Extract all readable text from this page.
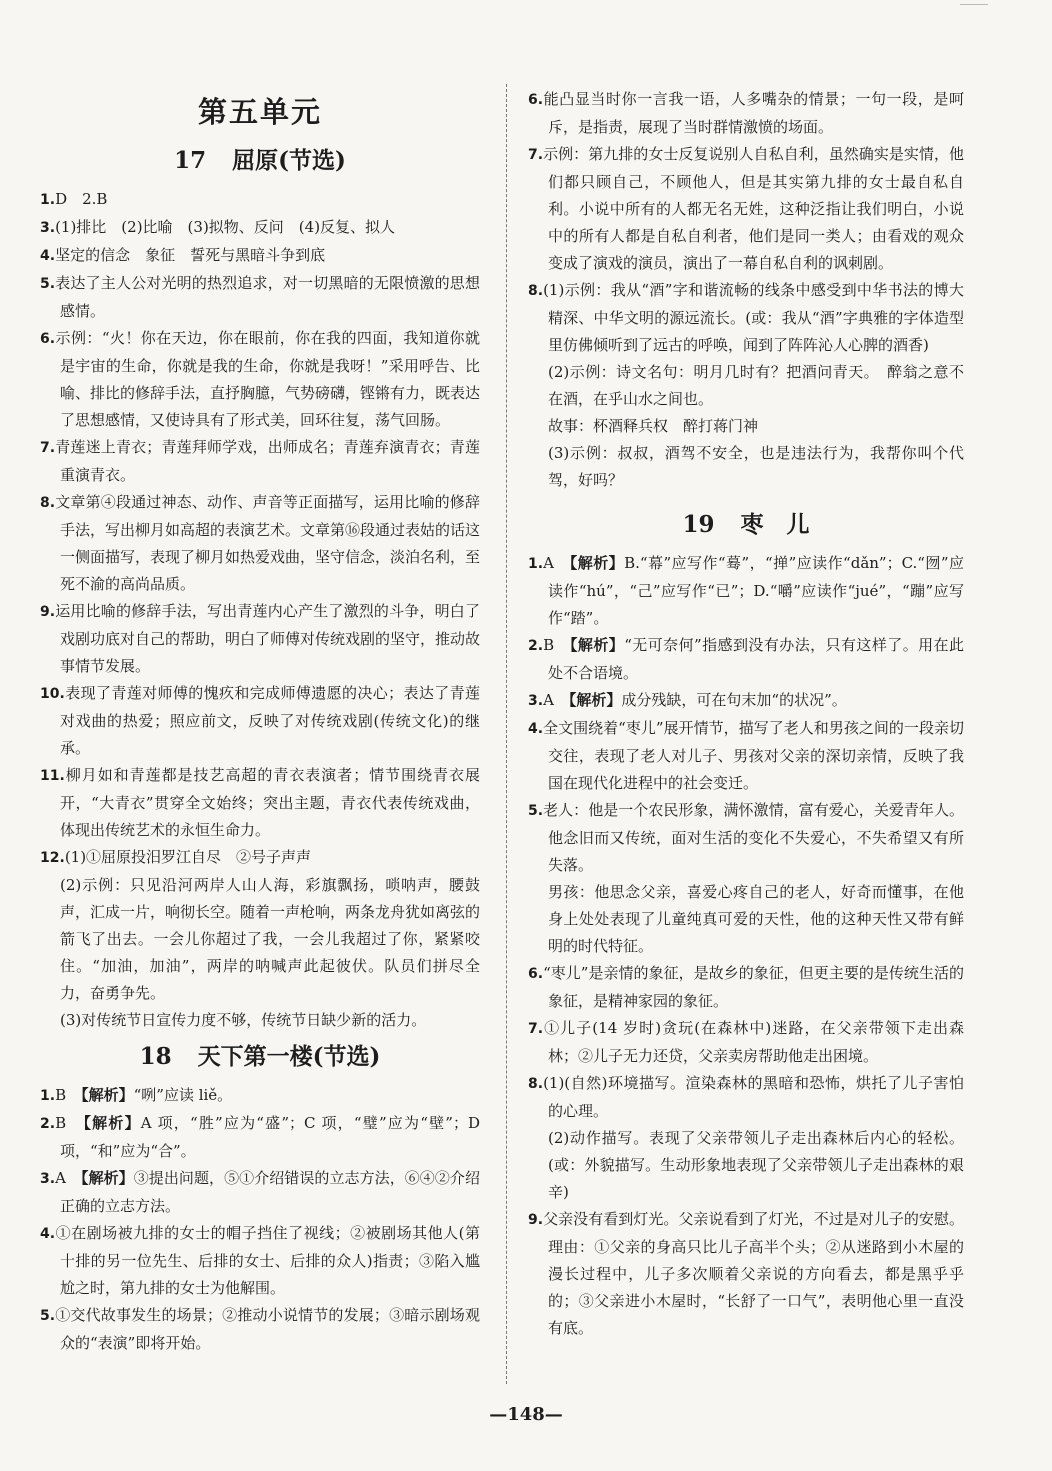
第五单元
17 屈原(节选)
1.D　2.B
3.(1)排比　(2)比喻　(3)拟物、反问　(4)反复、拟人
4.坚定的信念　象征　誓死与黑暗斗争到底
5.表达了主人公对光明的热烈追求，对一切黑暗的无限愤激的思想感情。
6.示例：“火！你在天边，你在眼前，你在我的四面，我知道你就是宇宙的生命，你就是我的生命，你就是我呀！”采用呼告、比喻、排比的修辞手法，直抒胸臆，气势磅礴，铿锵有力，既表达了思想感情，又使诗具有了形式美，回环往复，荡气回肠。
7.青莲迷上青衣；青莲拜师学戏，出师成名；青莲弃演青衣；青莲重演青衣。
8.文章第④段通过神态、动作、声音等正面描写，运用比喻的修辞手法，写出柳月如高超的表演艺术。文章第⑯段通过表姑的话这一侧面描写，表现了柳月如热爱戏曲，坚守信念，淡泊名利，至死不渝的高尚品质。
9.运用比喻的修辞手法，写出青莲内心产生了激烈的斗争，明白了戏剧功底对自己的帮助，明白了师傅对传统戏剧的坚守，推动故事情节发展。
10.表现了青莲对师傅的愧疚和完成师傅遗愿的决心；表达了青莲对戏曲的热爱；照应前文，反映了对传统戏剧(传统文化)的继承。
11.柳月如和青莲都是技艺高超的青衣表演者；情节围绕青衣展开，“大青衣”贯穿全文始终；突出主题，青衣代表传统戏曲，体现出传统艺术的永恒生命力。
12.(1)①屈原投汨罗江自尽　②号子声声
(2)示例：只见沿河两岸人山人海，彩旗飘扬，唢呐声，腰鼓声，汇成一片，响彻长空。随着一声枪响，两条龙舟犹如离弦的箭飞了出去。一会儿你超过了我，一会儿我超过了你，紧紧咬住。“加油，加油”，两岸的呐喊声此起彼伏。队员们拼尽全力，奋勇争先。
(3)对传统节日宣传力度不够，传统节日缺少新的活力。
18 天下第一楼(节选)
1.B　【解析】“咧”应读 liě。
2.B　【解析】A 项，“胜”应为“盛”；C 项，“璧”应为“壁”；D 项，“和”应为“合”。
3.A　【解析】③提出问题，⑤①介绍错误的立志方法，⑥④②介绍正确的立志方法。
4.①在剧场被九排的女士的帽子挡住了视线；②被剧场其他人(第十排的另一位先生、后排的女士、后排的众人)指责；③陷入尴尬之时，第九排的女士为他解围。
5.①交代故事发生的场景；②推动小说情节的发展；③暗示剧场观众的“表演”即将开始。
6.能凸显当时你一言我一语，人多嘴杂的情景；一句一段，是呵斥，是指责，展现了当时群情激愤的场面。
7.示例：第九排的女士反复说别人自私自利，虽然确实是实情，他们都只顾自己，不顾他人，但是其实第九排的女士最自私自利。小说中所有的人都无名无姓，这种泛指让我们明白，小说中的所有人都是自私自利者，他们是同一类人；由看戏的观众变成了演戏的演员，演出了一幕自私自利的讽刺剧。
8.(1)示例：我从“酒”字和谐流畅的线条中感受到中华书法的博大精深、中华文明的源远流长。(或：我从“酒”字典雅的字体造型里仿佛倾听到了远古的呼唤，闻到了阵阵沁人心脾的酒香)
(2)示例：诗文名句：明月几时有？把酒问青天。　醉翁之意不在酒，在乎山水之间也。
故事：杯酒释兵权　醉打蒋门神
(3)示例：叔叔，酒驾不安全，也是违法行为，我帮你叫个代驾，好吗？
19 枣　儿
1.A　【解析】B.“幕”应写作“蓦”，“掸”应读作“dǎn”；C.“囫”应读作“hú”，“己”应写作“已”；D.“嚼”应读作“jué”，“蹦”应写作“踏”。
2.B　【解析】“无可奈何”指感到没有办法，只有这样了。用在此处不合语境。
3.A　【解析】成分残缺，可在句末加“的状况”。
4.全文围绕着“枣儿”展开情节，描写了老人和男孩之间的一段亲切交往，表现了老人对儿子、男孩对父亲的深切亲情，反映了我国在现代化进程中的社会变迁。
5.老人：他是一个农民形象，满怀激情，富有爱心，关爱青年人。他念旧而又传统，面对生活的变化不失爱心，不失希望又有所失落。
男孩：他思念父亲，喜爱心疼自己的老人，好奇而懂事，在他身上处处表现了儿童纯真可爱的天性，他的这种天性又带有鲜明的时代特征。
6.“枣儿”是亲情的象征，是故乡的象征，但更主要的是传统生活的象征，是精神家园的象征。
7.①儿子(14 岁时)贪玩(在森林中)迷路，在父亲带领下走出森林；②儿子无力还贷，父亲卖房帮助他走出困境。
8.(1)(自然)环境描写。渲染森林的黑暗和恐怖，烘托了儿子害怕的心理。
(2)动作描写。表现了父亲带领儿子走出森林后内心的轻松。(或：外貌描写。生动形象地表现了父亲带领儿子走出森林的艰辛)
9.父亲没有看到灯光。父亲说看到了灯光，不过是对儿子的安慰。理由：①父亲的身高只比儿子高半个头；②从迷路到小木屋的漫长过程中，儿子多次顺着父亲说的方向看去，都是黑乎乎的；③父亲进小木屋时，“长舒了一口气”，表明他心里一直没有底。
—148—
